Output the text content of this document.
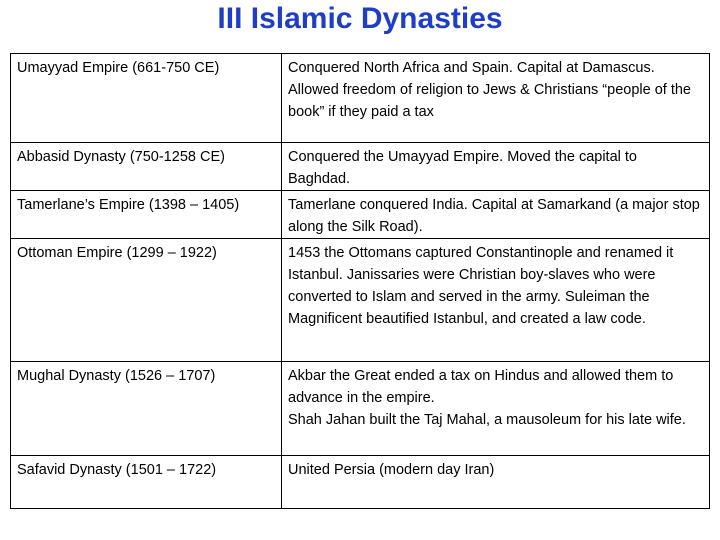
III Islamic Dynasties
Umayyad Empire (661-750 CE)	Conquered North Africa and Spain. Capital at Damascus. Allowed freedom of religion to Jews & Christians “people of the book” if they paid a tax
Abbasid Dynasty (750-1258 CE)	Conquered the Umayyad Empire. Moved the capital to Baghdad.
Tamerlane’s Empire (1398 – 1405)	Tamerlane conquered India. Capital at Samarkand (a major stop along the Silk Road).
Ottoman Empire (1299 – 1922)	1453 the Ottomans captured Constantinople and renamed it Istanbul. Janissaries were Christian boy-slaves who were converted to Islam and served in the army. Suleiman the Magnificent beautified Istanbul, and created a law code.
Mughal Dynasty (1526 – 1707)	Akbar the Great ended a tax on Hindus and allowed them to advance in the empire.
Shah Jahan built the Taj Mahal, a mausoleum for his late wife.
Safavid Dynasty (1501 – 1722)	United Persia (modern day Iran)
